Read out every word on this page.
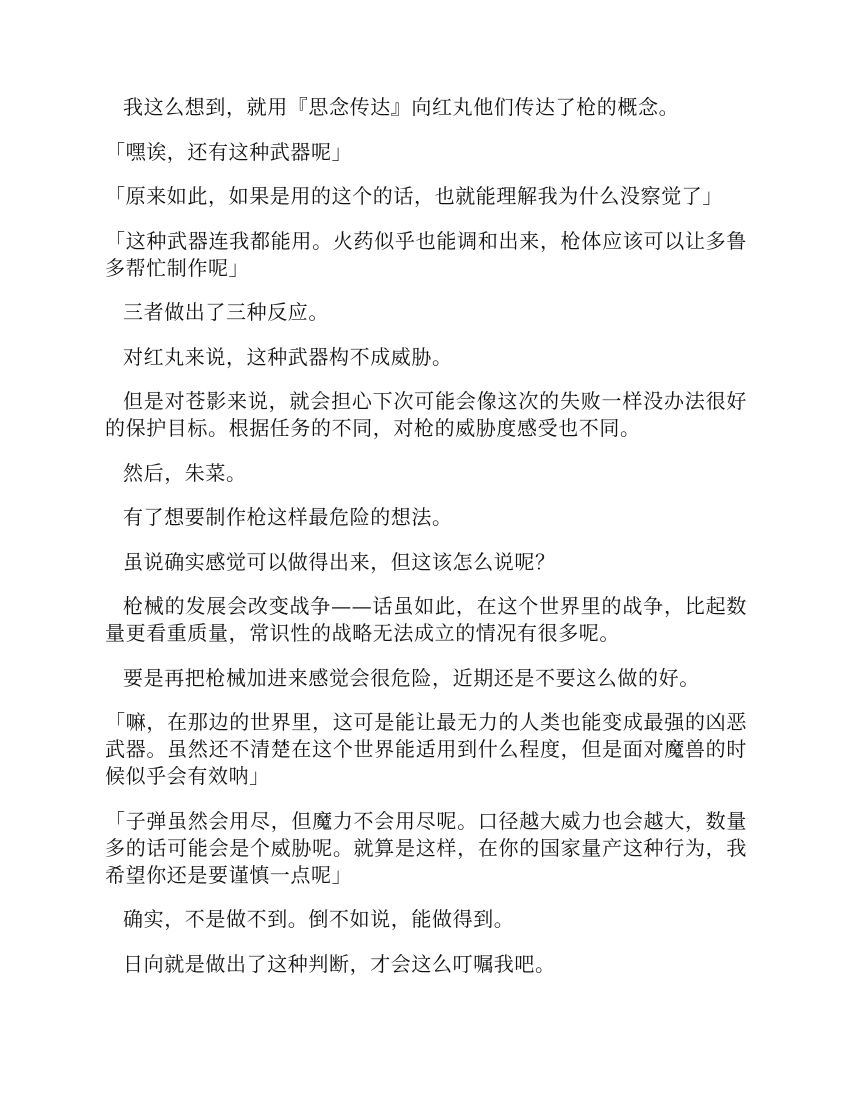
我这么想到，就用『思念传达』向红丸他们传达了枪的概念。

「嘿诶，还有这种武器呢」

「原来如此，如果是用的这个的话，也就能理解我为什么没察觉了」

「这种武器连我都能用。火药似乎也能调和出来，枪体应该可以让多鲁多帮忙制作呢」

三者做出了三种反应。

对红丸来说，这种武器构不成威胁。

但是对苍影来说，就会担心下次可能会像这次的失败一样没办法很好的保护目标。根据任务的不同，对枪的威胁度感受也不同。

然后，朱菜。

有了想要制作枪这样最危险的想法。

虽说确实感觉可以做得出来，但这该怎么说呢？

枪械的发展会改变战争——话虽如此，在这个世界里的战争，比起数量更看重质量，常识性的战略无法成立的情况有很多呢。

要是再把枪械加进来感觉会很危险，近期还是不要这么做的好。

「嘛，在那边的世界里，这可是能让最无力的人类也能变成最强的凶恶武器。虽然还不清楚在这个世界能适用到什么程度，但是面对魔兽的时候似乎会有效呐」

「子弹虽然会用尽，但魔力不会用尽呢。口径越大威力也会越大，数量多的话可能会是个威胁呢。就算是这样，在你的国家量产这种行为，我希望你还是要谨慎一点呢」

确实，不是做不到。倒不如说，能做得到。

日向就是做出了这种判断，才会这么叮嘱我吧。
